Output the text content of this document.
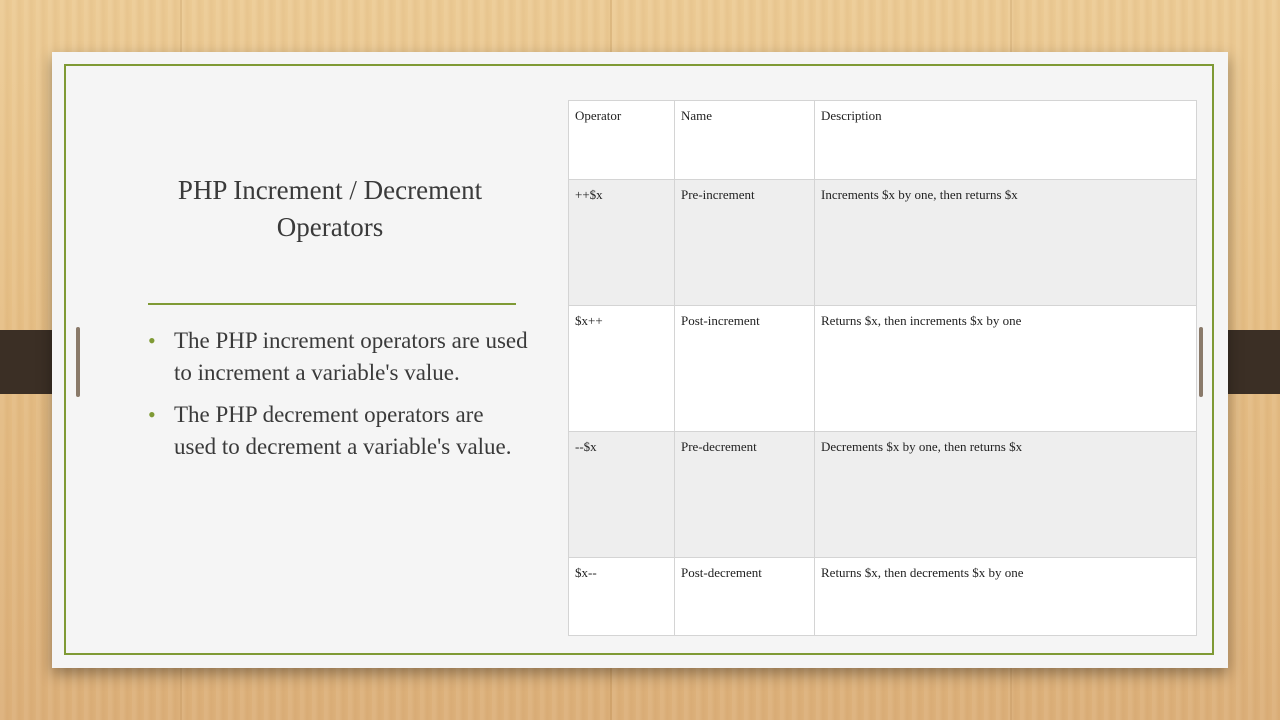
PHP Increment / Decrement Operators
• The PHP increment operators are used to increment a variable's value.
• The PHP decrement operators are used to decrement a variable's value.
Operator	Name	Description
++$x	Pre-increment	Increments $x by one, then returns $x
$x++	Post-increment	Returns $x, then increments $x by one
--$x	Pre-decrement	Decrements $x by one, then returns $x
$x--	Post-decrement	Returns $x, then decrements $x by one
